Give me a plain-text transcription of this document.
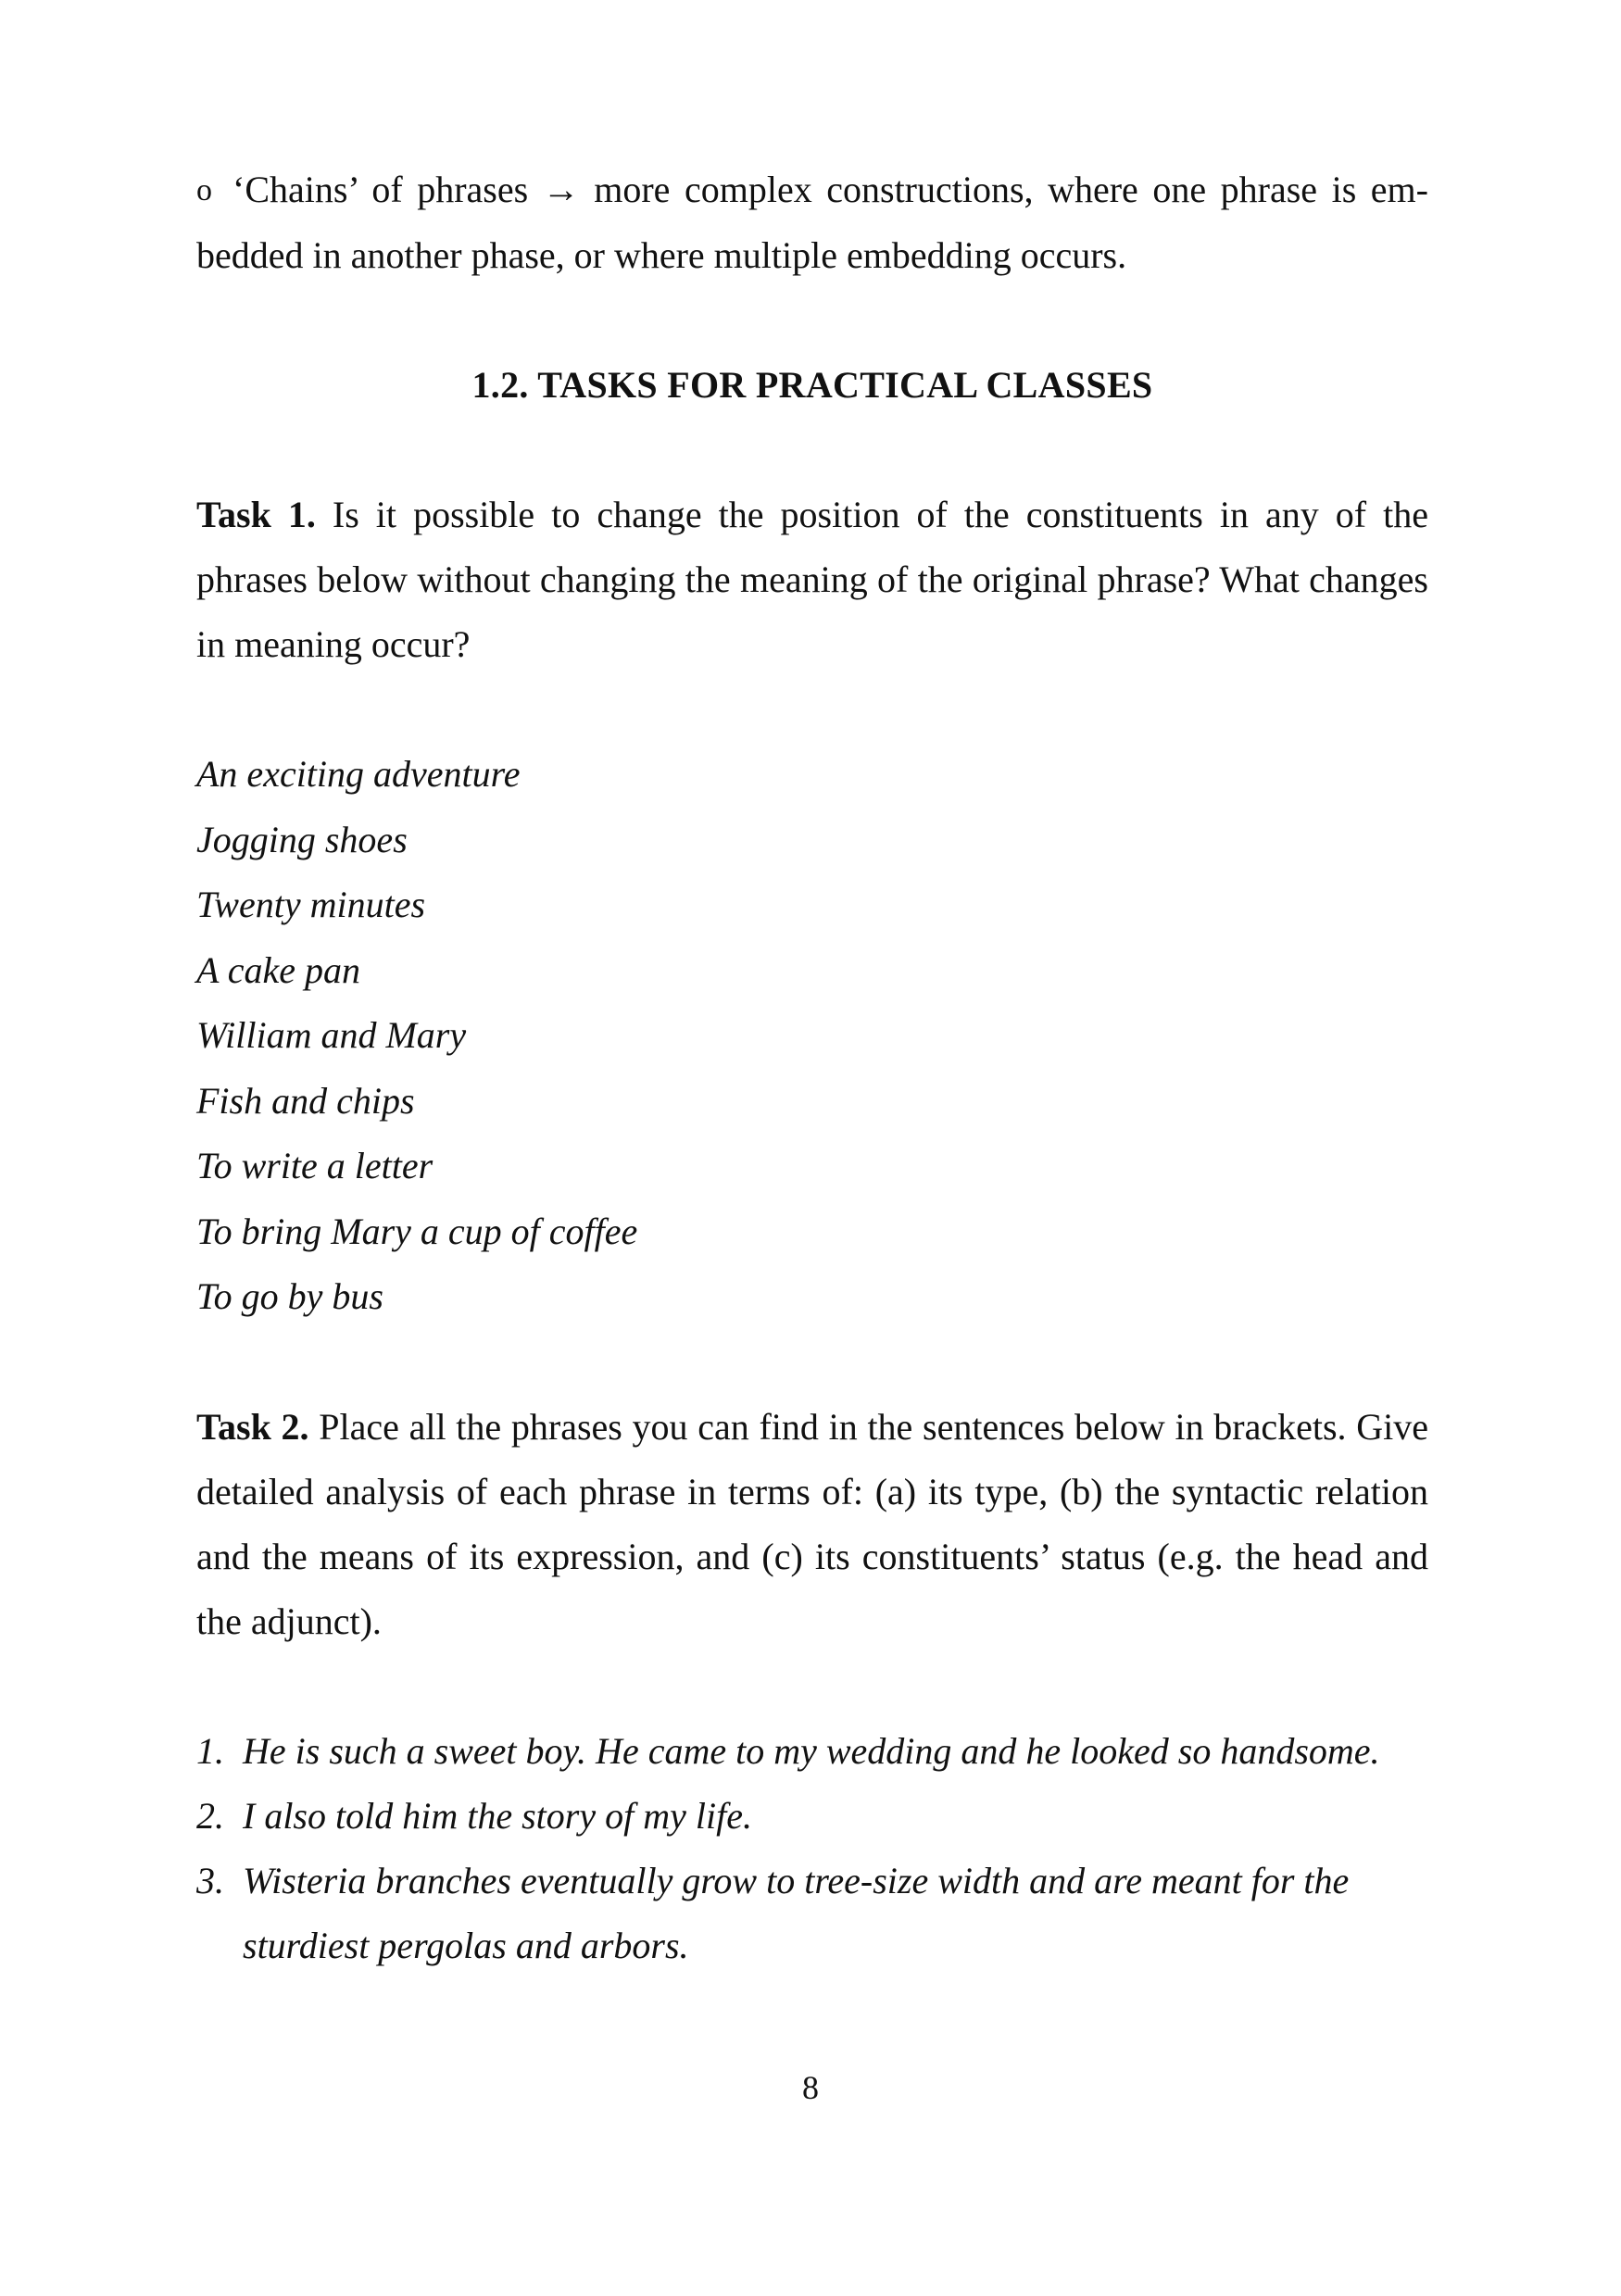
o ‘Chains’ of phrases → more complex constructions, where one phrase is em-bedded in another phase, or where multiple embedding occurs.

1.2. TASKS FOR PRACTICAL CLASSES

Task 1. Is it possible to change the position of the constituents in any of the phrases below without changing the meaning of the original phrase? What changes in meaning occur?

An exciting adventure
Jogging shoes
Twenty minutes
A cake pan
William and Mary
Fish and chips
To write a letter
To bring Mary a cup of coffee
To go by bus

Task 2. Place all the phrases you can find in the sentences below in brackets. Give detailed analysis of each phrase in terms of: (a) its type, (b) the syntactic relation and the means of its expression, and (c) its constituents’ status (e.g. the head and the adjunct).

1. He is such a sweet boy. He came to my wedding and he looked so handsome.
2. I also told him the story of my life.
3. Wisteria branches eventually grow to tree-size width and are meant for the sturdiest pergolas and arbors.
8
